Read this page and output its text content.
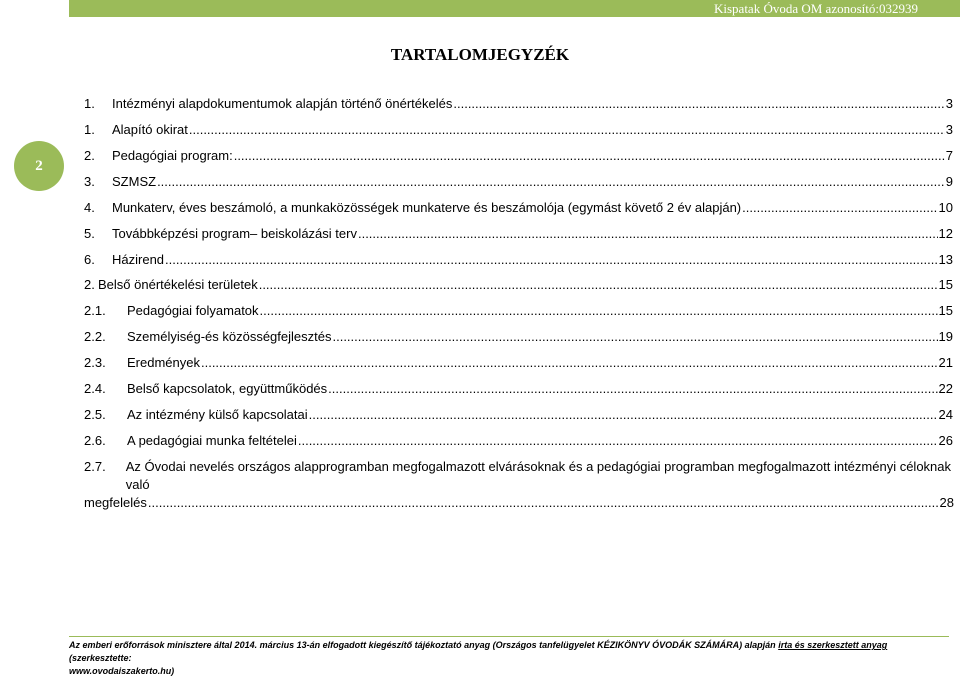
Kispatak Óvoda OM azonosító:032939
2
TARTALOMJEGYZÉK
1.	Intézményi alapdokumentumok alapján történő önértékelés .....	3
1.	Alapító okirat .....	3
2.	Pedagógiai program: .....	7
3.	SZMSZ .....	9
4.	Munkaterv, éves beszámoló, a munkaközösségek munkaterve és beszámolója (egymást követő 2 év alapján) .....	10
5.	Továbbképzési program– beiskolázási terv .....	12
6.	Házirend .....	13
2. Belső önértékelési területek .....	15
2.1.	Pedagógiai folyamatok .....	15
2.2.	Személyiség-és közösségfejlesztés .....	19
2.3.	Eredmények .....	21
2.4.	Belső kapcsolatok, együttműködés .....	22
2.5.	Az intézmény külső kapcsolatai .....	24
2.6.	A pedagógiai munka feltételei .....	26
2.7.	Az Óvodai nevelés országos alapprogramban megfogalmazott elvárásoknak és a pedagógiai programban megfogalmazott intézményi céloknak való
megfelelés .....	28
Az emberi erőforrások minisztere által 2014. március 13-án elfogadott kiegészítő tájékoztató anyag (Országos tanfelügyelet KÉZIKÖNYV ÓVODÁK SZÁMÁRA) alapján irta és szerkesztett anyag (szerkesztette:
www.ovodaiszakerto.hu)
